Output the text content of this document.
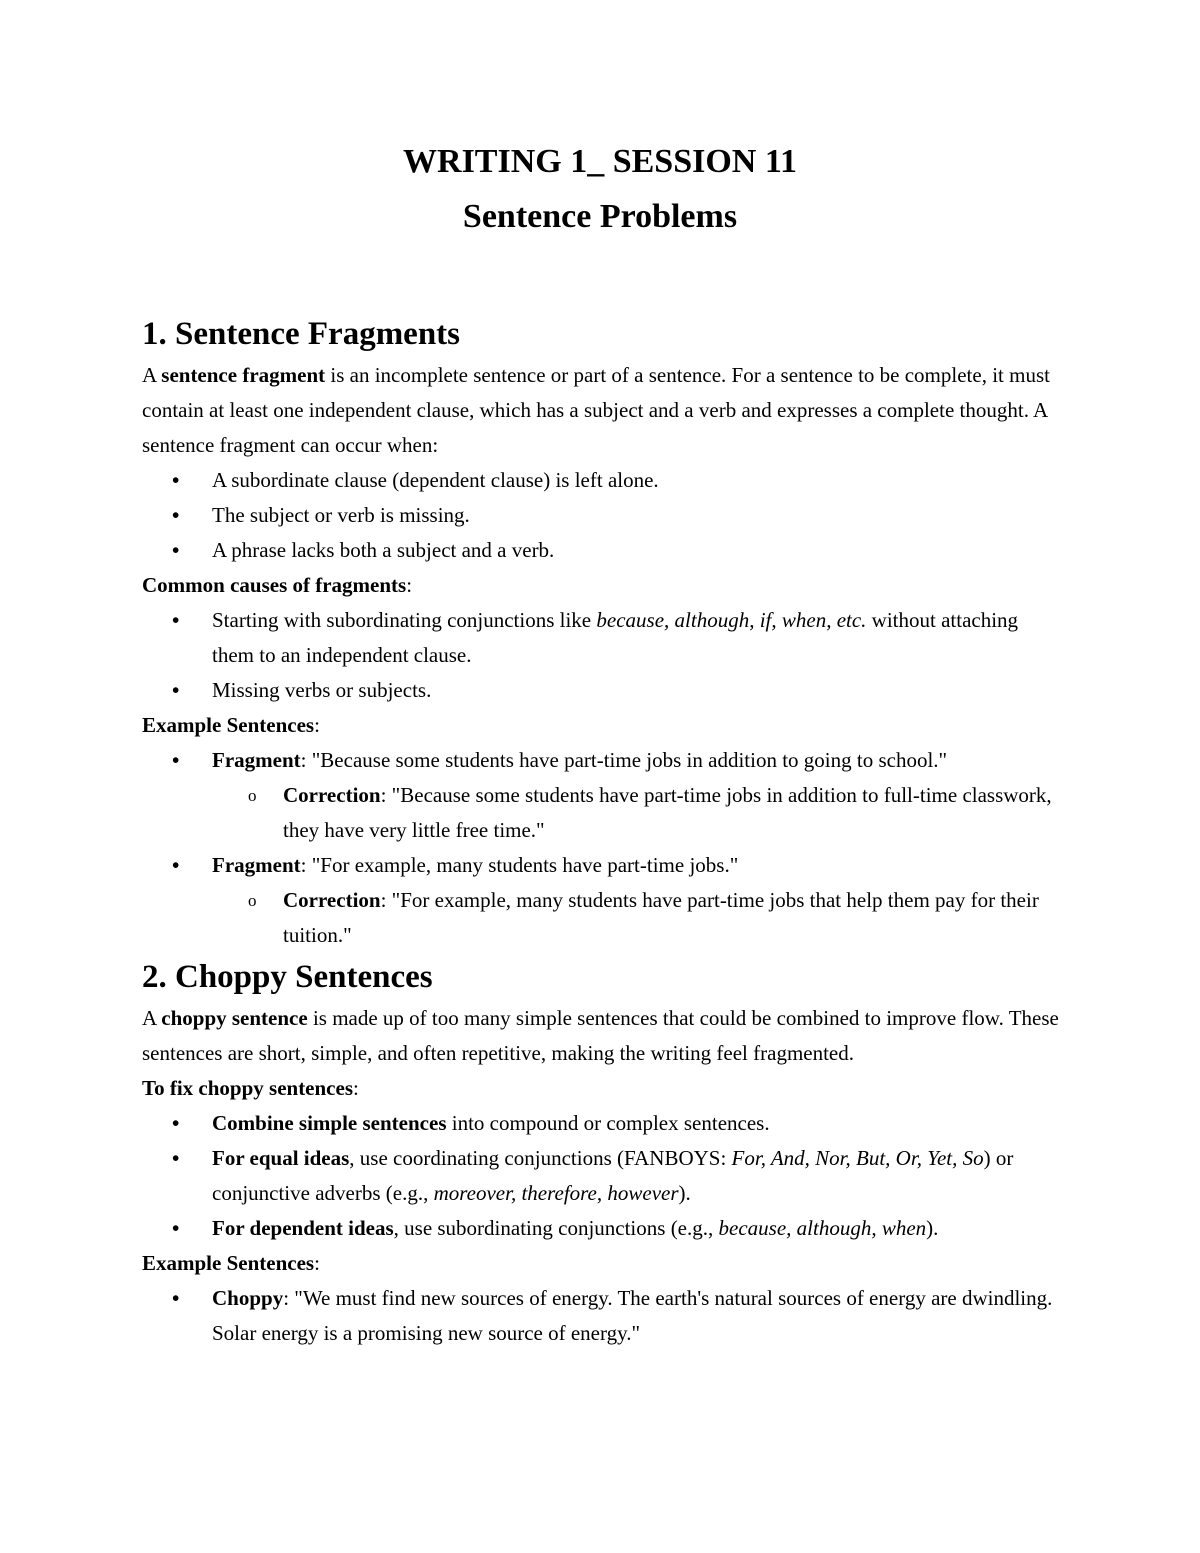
WRITING 1_ SESSION 11
Sentence Problems
1. Sentence Fragments

A sentence fragment is an incomplete sentence or part of a sentence. For a sentence to be complete, it must contain at least one independent clause, which has a subject and a verb and expresses a complete thought. A sentence fragment can occur when:

• A subordinate clause (dependent clause) is left alone.
• The subject or verb is missing.
• A phrase lacks both a subject and a verb.

Common causes of fragments:

• Starting with subordinating conjunctions like because, although, if, when, etc. without attaching them to an independent clause.
• Missing verbs or subjects.

Example Sentences:

• Fragment: "Because some students have part-time jobs in addition to going to school."
o Correction: "Because some students have part-time jobs in addition to full-time classwork, they have very little free time."
• Fragment: "For example, many students have part-time jobs."
o Correction: "For example, many students have part-time jobs that help them pay for their tuition."
2. Choppy Sentences

A choppy sentence is made up of too many simple sentences that could be combined to improve flow. These sentences are short, simple, and often repetitive, making the writing feel fragmented.

To fix choppy sentences:

• Combine simple sentences into compound or complex sentences.
• For equal ideas, use coordinating conjunctions (FANBOYS: For, And, Nor, But, Or, Yet, So) or conjunctive adverbs (e.g., moreover, therefore, however).
• For dependent ideas, use subordinating conjunctions (e.g., because, although, when).

Example Sentences:

• Choppy: "We must find new sources of energy. The earth's natural sources of energy are dwindling. Solar energy is a promising new source of energy."
